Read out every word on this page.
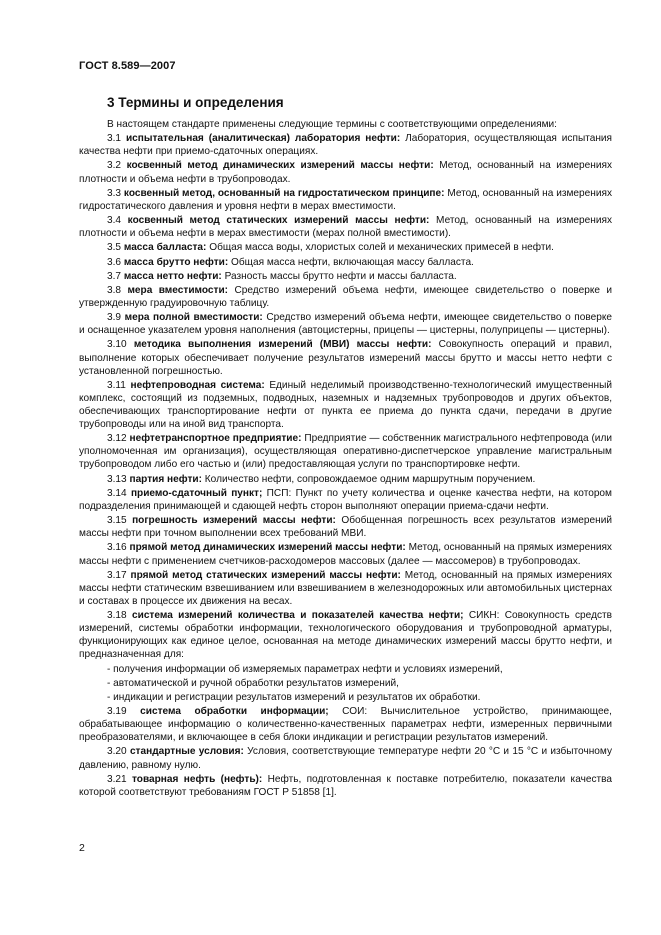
ГОСТ 8.589—2007
3 Термины и определения

В настоящем стандарте применены следующие термины с соответствующими определениями:

3.1 испытательная (аналитическая) лаборатория нефти: Лаборатория, осуществляющая испытания качества нефти при приемо-сдаточных операциях.

3.2 косвенный метод динамических измерений массы нефти: Метод, основанный на измерениях плотности и объема нефти в трубопроводах.

3.3 косвенный метод, основанный на гидростатическом принципе: Метод, основанный на измерениях гидростатического давления и уровня нефти в мерах вместимости.

3.4 косвенный метод статических измерений массы нефти: Метод, основанный на измерениях плотности и объема нефти в мерах вместимости (мерах полной вместимости).

3.5 масса балласта: Общая масса воды, хлористых солей и механических примесей в нефти.

3.6 масса брутто нефти: Общая масса нефти, включающая массу балласта.

3.7 масса нетто нефти: Разность массы брутто нефти и массы балласта.

3.8 мера вместимости: Средство измерений объема нефти, имеющее свидетельство о поверке и утвержденную градуировочную таблицу.

3.9 мера полной вместимости: Средство измерений объема нефти, имеющее свидетельство о поверке и оснащенное указателем уровня наполнения (автоцистерны, прицепы — цистерны, полуприцепы — цистерны).

3.10 методика выполнения измерений (МВИ) массы нефти: Совокупность операций и правил, выполнение которых обеспечивает получение результатов измерений массы брутто и массы нетто нефти с установленной погрешностью.

3.11 нефтепроводная система: Единый неделимый производственно-технологический имущественный комплекс, состоящий из подземных, подводных, наземных и надземных трубопроводов и других объектов, обеспечивающих транспортирование нефти от пункта ее приема до пункта сдачи, передачи в другие трубопроводы или на иной вид транспорта.

3.12 нефтетранспортное предприятие: Предприятие — собственник магистрального нефтепровода (или уполномоченная им организация), осуществляющая оперативно-диспетчерское управление магистральным трубопроводом либо его частью и (или) предоставляющая услуги по транспортировке нефти.

3.13 партия нефти: Количество нефти, сопровождаемое одним маршрутным поручением.

3.14 приемо-сдаточный пункт; ПСП: Пункт по учету количества и оценке качества нефти, на котором подразделения принимающей и сдающей нефть сторон выполняют операции приема-сдачи нефти.

3.15 погрешность измерений массы нефти: Обобщенная погрешность всех результатов измерений массы нефти при точном выполнении всех требований МВИ.

3.16 прямой метод динамических измерений массы нефти: Метод, основанный на прямых измерениях массы нефти с применением счетчиков-расходомеров массовых (далее — массомеров) в трубопроводах.

3.17 прямой метод статических измерений массы нефти: Метод, основанный на прямых измерениях массы нефти статическим взвешиванием или взвешиванием в железнодорожных или автомобильных цистернах и составах в процессе их движения на весах.

3.18 система измерений количества и показателей качества нефти; СИКН: Совокупность средств измерений, системы обработки информации, технологического оборудования и трубопроводной арматуры, функционирующих как единое целое, основанная на методе динамических измерений массы брутто нефти, и предназначенная для:

- получения информации об измеряемых параметрах нефти и условиях измерений,

- автоматической и ручной обработки результатов измерений,

- индикации и регистрации результатов измерений и результатов их обработки.

3.19 система обработки информации; СОИ: Вычислительное устройство, принимающее, обрабатывающее информацию о количественно-качественных параметрах нефти, измеренных первичными преобразователями, и включающее в себя блоки индикации и регистрации результатов измерений.

3.20 стандартные условия: Условия, соответствующие температуре нефти 20 °С и 15 °С и избыточному давлению, равному нулю.

3.21 товарная нефть (нефть): Нефть, подготовленная к поставке потребителю, показатели качества которой соответствуют требованиям ГОСТ Р 51858 [1].

2
